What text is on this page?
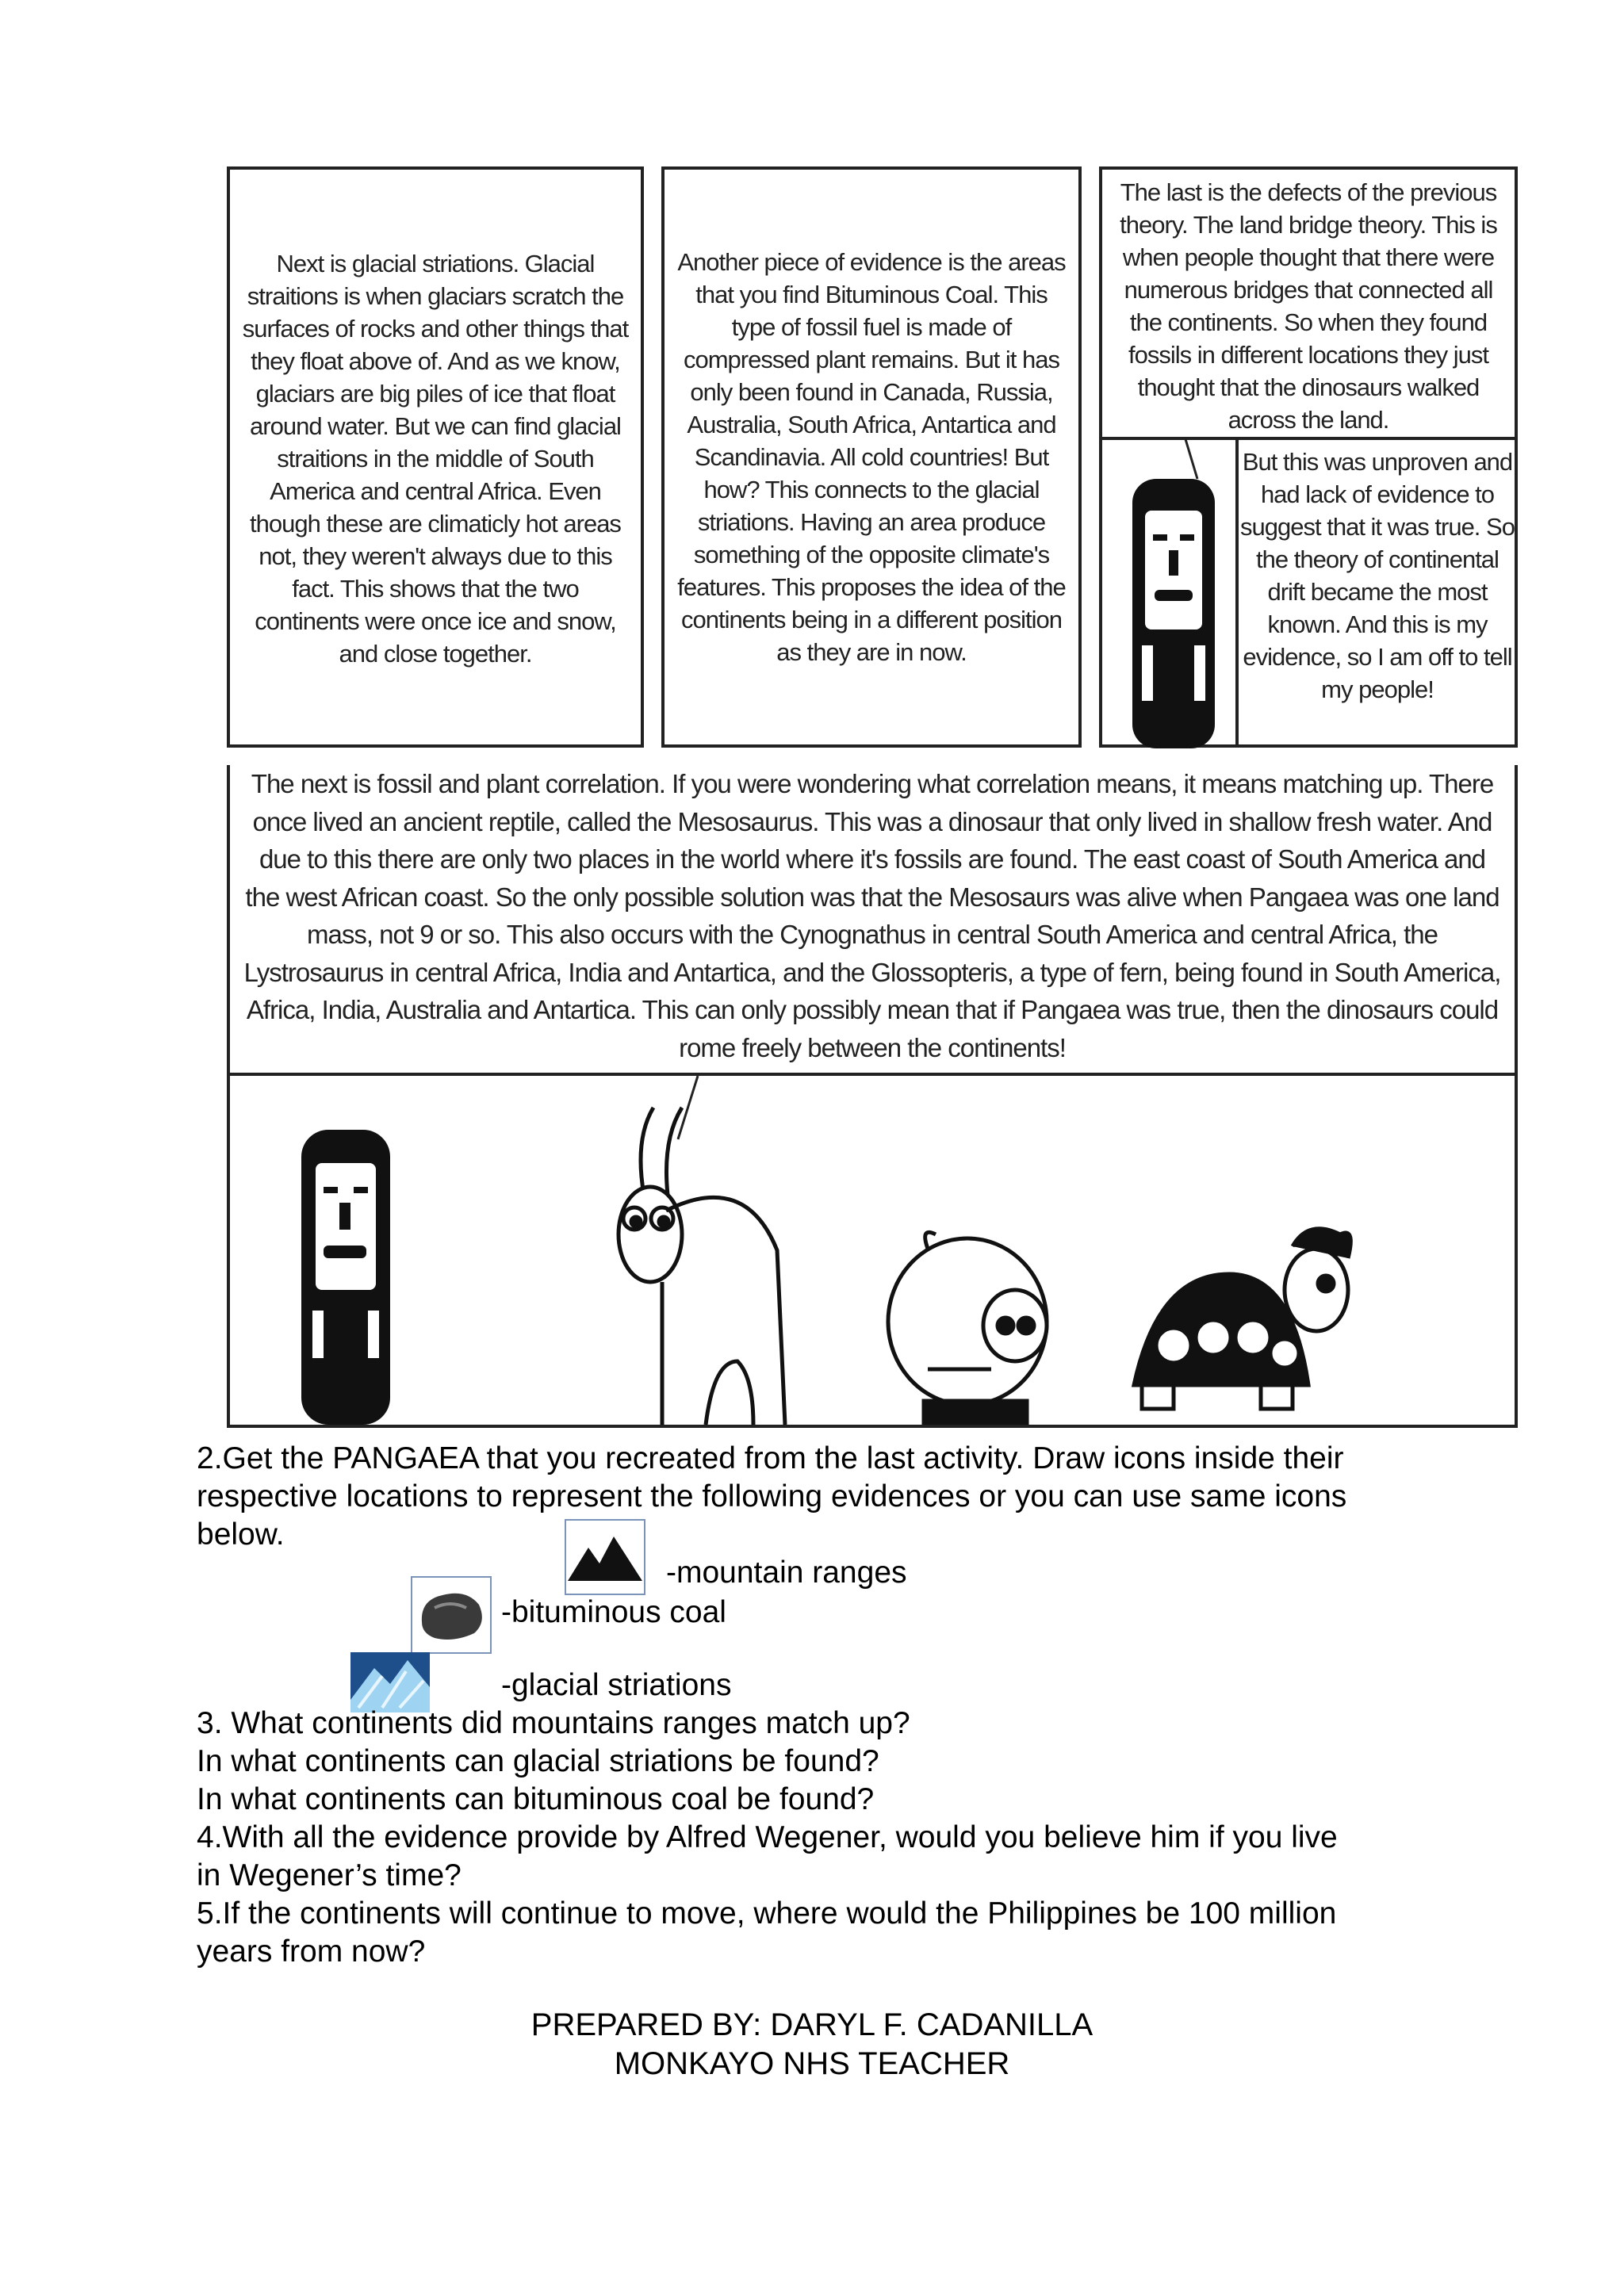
Next is glacial striations. Glacial straitions is when glaciars scratch the surfaces of rocks and other things that they float above of. And as we know, glaciars are big piles of ice that float around water. But we can find glacial straitions in the middle of South America and central Africa. Even though these are climaticly hot areas not, they weren't always due to this fact. This shows that the two continents were once ice and snow, and close together.
Another piece of evidence is the areas that you find Bituminous Coal. This type of fossil fuel is made of compressed plant remains. But it has only been found in Canada, Russia, Australia, South Africa, Antartica and Scandinavia. All cold countries! But how? This connects to the glacial striations. Having an area produce something of the opposite climate's features. This proposes the idea of the continents being in a different position as they are in now.
The last is the defects of the previous theory. The land bridge theory. This is when people thought that there were numerous bridges that connected all the continents. So when they found fossils in different locations they just thought that the dinosaurs walked across the land.
But this was unproven and had lack of evidence to suggest that it was true. So the theory of continental drift became the most known. And this is my evidence, so I am off to tell my people!
The next is fossil and plant correlation. If you were wondering what correlation means, it means matching up. There once lived an ancient reptile, called the Mesosaurus. This was a dinosaur that only lived in shallow fresh water. And due to this there are only two places in the world where it's fossils are found. The east coast of South America and the west African coast. So the only possible solution was that the Mesosaurs was alive when Pangaea was one land mass, not 9 or so. This also occurs with the Cynognathus in central South America and central Africa, the Lystrosaurus in central Africa, India and Antartica, and the Glossopteris, a type of fern, being found in South America, Africa, India, Australia and Antartica. This can only possibly mean that if Pangaea was true, then the dinosaurs could rome freely between the continents!
2.Get the PANGAEA that you recreated from the last activity. Draw icons inside their
respective locations to represent the following evidences or you can use same icons
below.
-mountain ranges
-bituminous coal
-glacial striations
3. What continents did mountains ranges match up?
In what continents can glacial striations be found?
In what continents can bituminous coal be found?
4.With all the evidence provide by Alfred Wegener, would you believe him if you live
in Wegener’s time?
5.If the continents will continue to move, where would the Philippines be 100 million
years from now?
PREPARED BY: DARYL F. CADANILLA
MONKAYO NHS TEACHER
